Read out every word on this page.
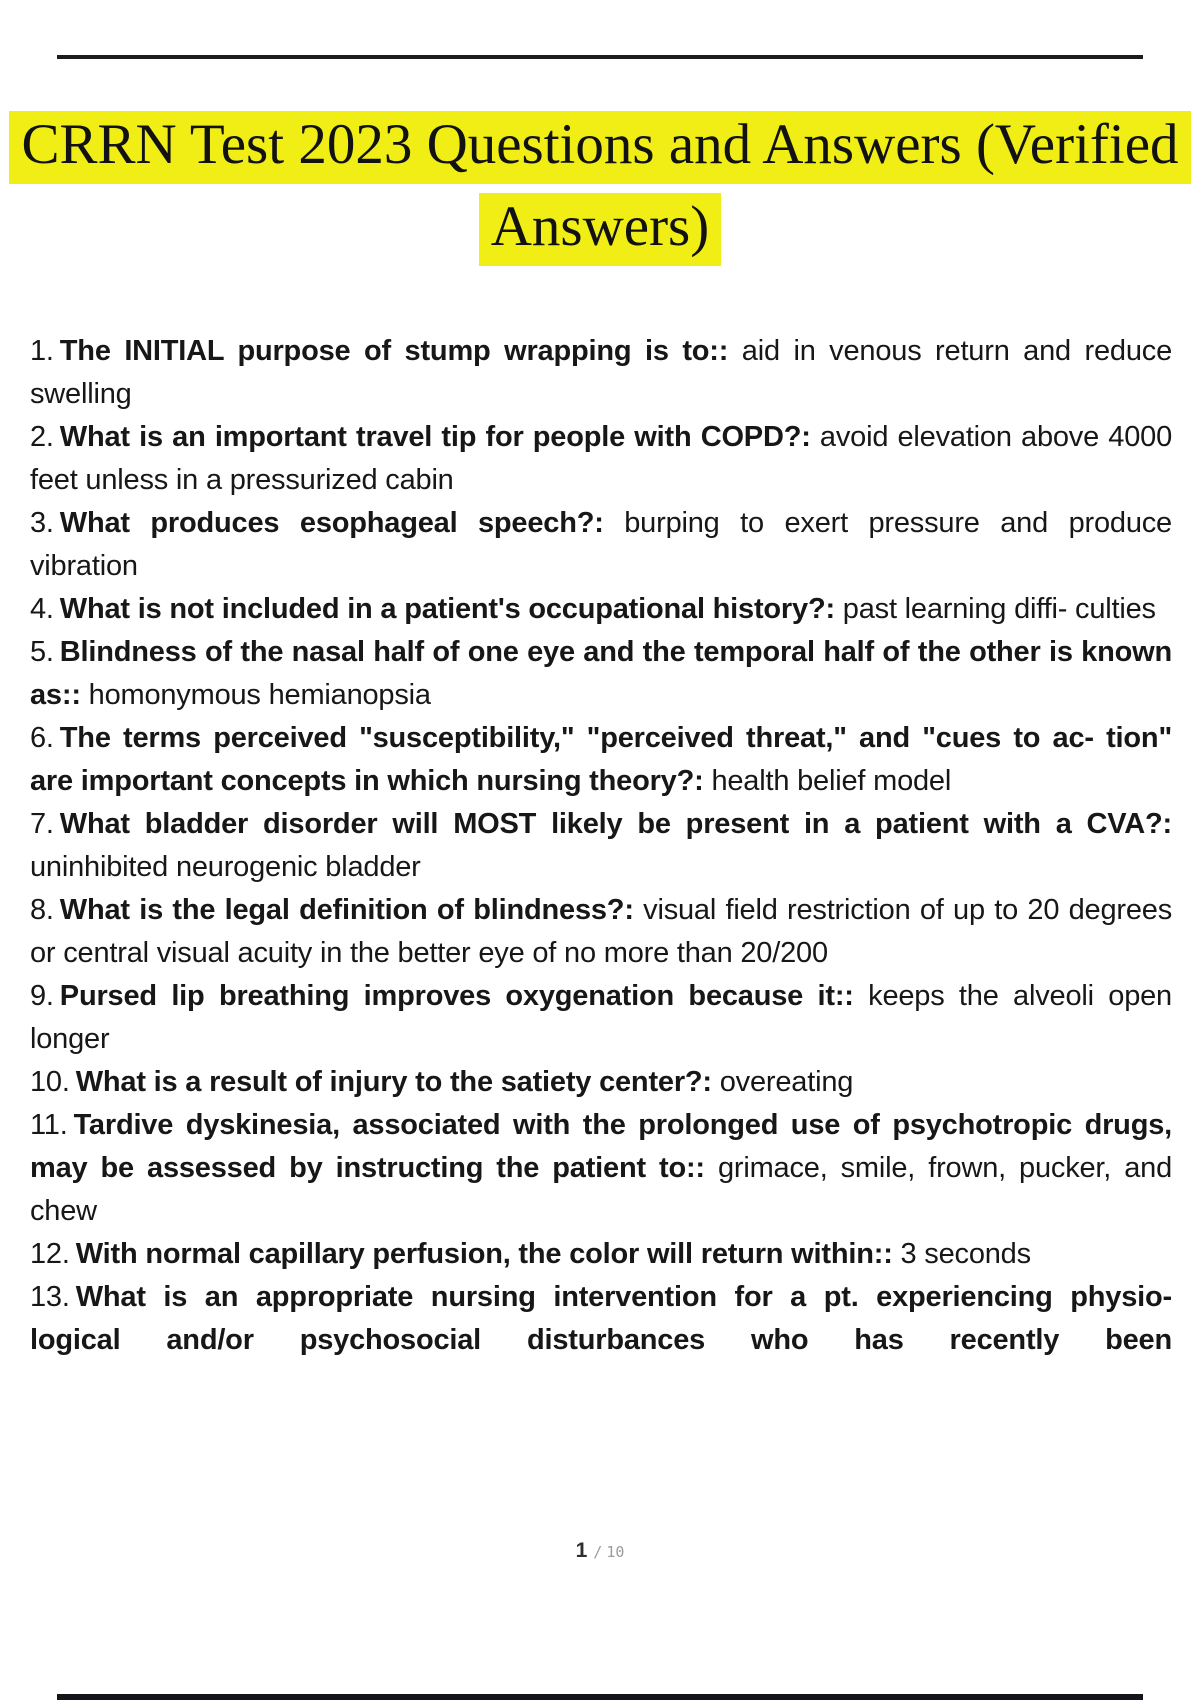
CRRN Test 2023 Questions and Answers (Verified
Answers)

1. The INITIAL purpose of stump wrapping is to:: aid in venous return and reduce swelling

2. What is an important travel tip for people with COPD?: avoid elevation above 4000 feet unless in a pressurized cabin

3. What produces esophageal speech?: burping to exert pressure and produce vibration

4. What is not included in a patient's occupational history?: past learning diffi- culties

5. Blindness of the nasal half of one eye and the temporal half of the other is known as:: homonymous hemianopsia

6. The terms perceived "susceptibility," "perceived threat," and "cues to ac- tion" are important concepts in which nursing theory?: health belief model

7. What bladder disorder will MOST likely be present in a patient with a CVA?: uninhibited neurogenic bladder

8. What is the legal definition of blindness?: visual field restriction of up to 20 degrees or central visual acuity in the better eye of no more than 20/200

9. Pursed lip breathing improves oxygenation because it:: keeps the alveoli open longer

10. What is a result of injury to the satiety center?: overeating

11. Tardive dyskinesia, associated with the prolonged use of psychotropic drugs, may be assessed by instructing the patient to:: grimace, smile, frown, pucker, and chew

12. With normal capillary perfusion, the color will return within:: 3 seconds

13. What is an appropriate nursing intervention for a pt. experiencing physio- logical and/or psychosocial disturbances who has recently been

1 / 10
